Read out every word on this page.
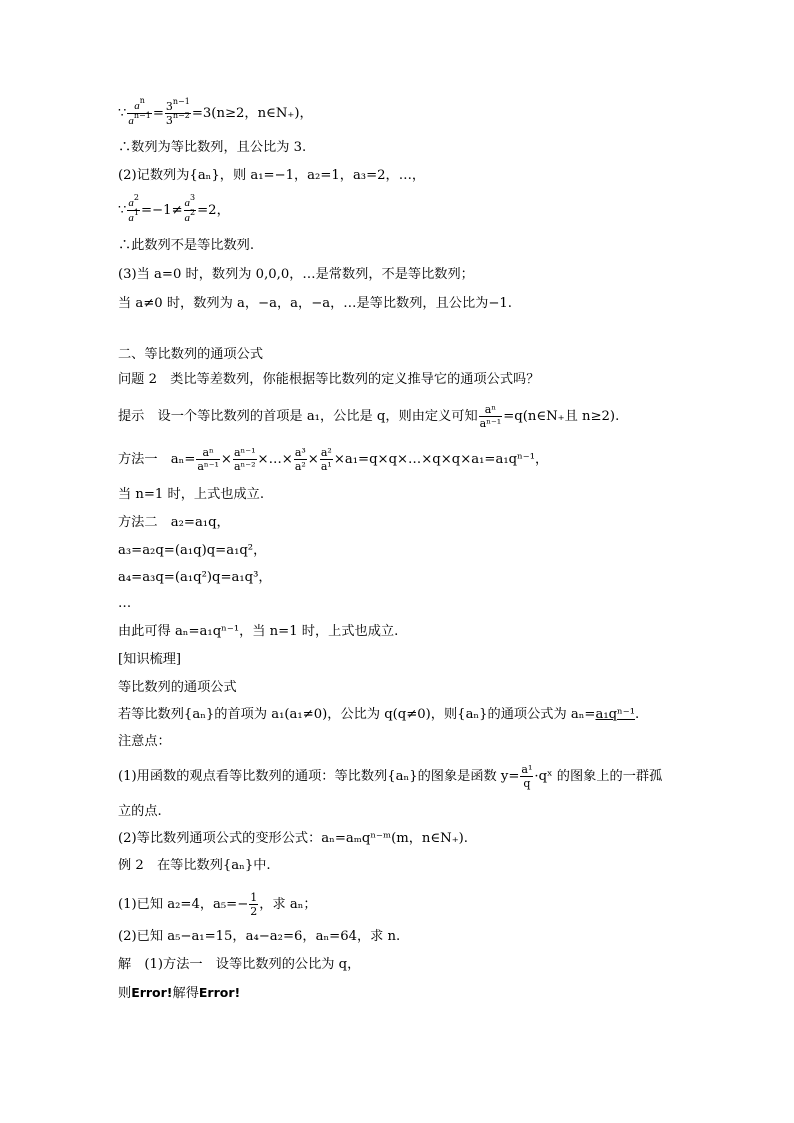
∵ $\frac{a^n}{a^{n-1}} = \frac{3^{n-1}}{3^{n-2}} =3(n\ge 2$，n∈N₊)，
∴数列为等比数列，且公比为 3.
(2)记数列为{aₙ}，则 a₁=−1，a₂=1，a₃=2，…，
∵ $\frac{a^2}{a^1} =-1\ne \frac{a^3}{a^2} =2$，
∴此数列不是等比数列.
(3)当 a=0 时，数列为 0,0,0，…是常数列，不是等比数列；
当 a≠0 时，数列为 a，−a，a，−a，…是等比数列，且公比为−1.
二、等比数列的通项公式
问题 2　类比等差数列，你能根据等比数列的定义推导它的通项公式吗？
提示　设一个等比数列的首项是 a₁，公比是 q，则由定义可知 $\frac{\text{aⁿ}}{\text{aⁿ⁻¹}}$ =q(n∈N₊且 n≥2).
方法一　$a_n= \frac{\text{aⁿ}}{\text{aⁿ⁻¹}} \times \frac{\text{aⁿ⁻¹}}{\text{aⁿ⁻²}}$ ×…× $\frac{\text{a³}}{\text{a²}} \times \frac{\text{a²}}{\text{a¹}}$ ×a₁=q×q×…×q×q×a₁=a₁qⁿ⁻¹，
当 n=1 时，上式也成立.
方法二　a₂=a₁q，
a₃=a₂q=(a₁q)q=a₁q²，
a₄=a₃q=(a₁q²)q=a₁q³，
…
由此可得 aₙ=a₁qⁿ⁻¹，当 n=1 时，上式也成立.
[知识梳理]
等比数列的通项公式
若等比数列{aₙ}的首项为 a₁(a₁≠0)，公比为 q(q≠0)，则{aₙ}的通项公式为 aₙ=a₁qⁿ⁻¹.
注意点：
(1)用函数的观点看等比数列的通项：等比数列{aₙ}的图象是函数 $y= \frac{\text{a¹}}{q}$ ·qˣ 的图象上的一群孤
立的点.
(2)等比数列通项公式的变形公式：aₙ=aₘqⁿ⁻ᵐ(m，n∈N₊).
例 2　在等比数列{aₙ}中.
(1)已知 a₂=4，$a_5=- \frac{1}{2}$ ，求 aₙ；
(2)已知 a₅−a₁=15，a₄−a₂=6，aₙ=64，求 n.
解　(1)方法一　设等比数列的公比为 q，
则Error!解得Error!
